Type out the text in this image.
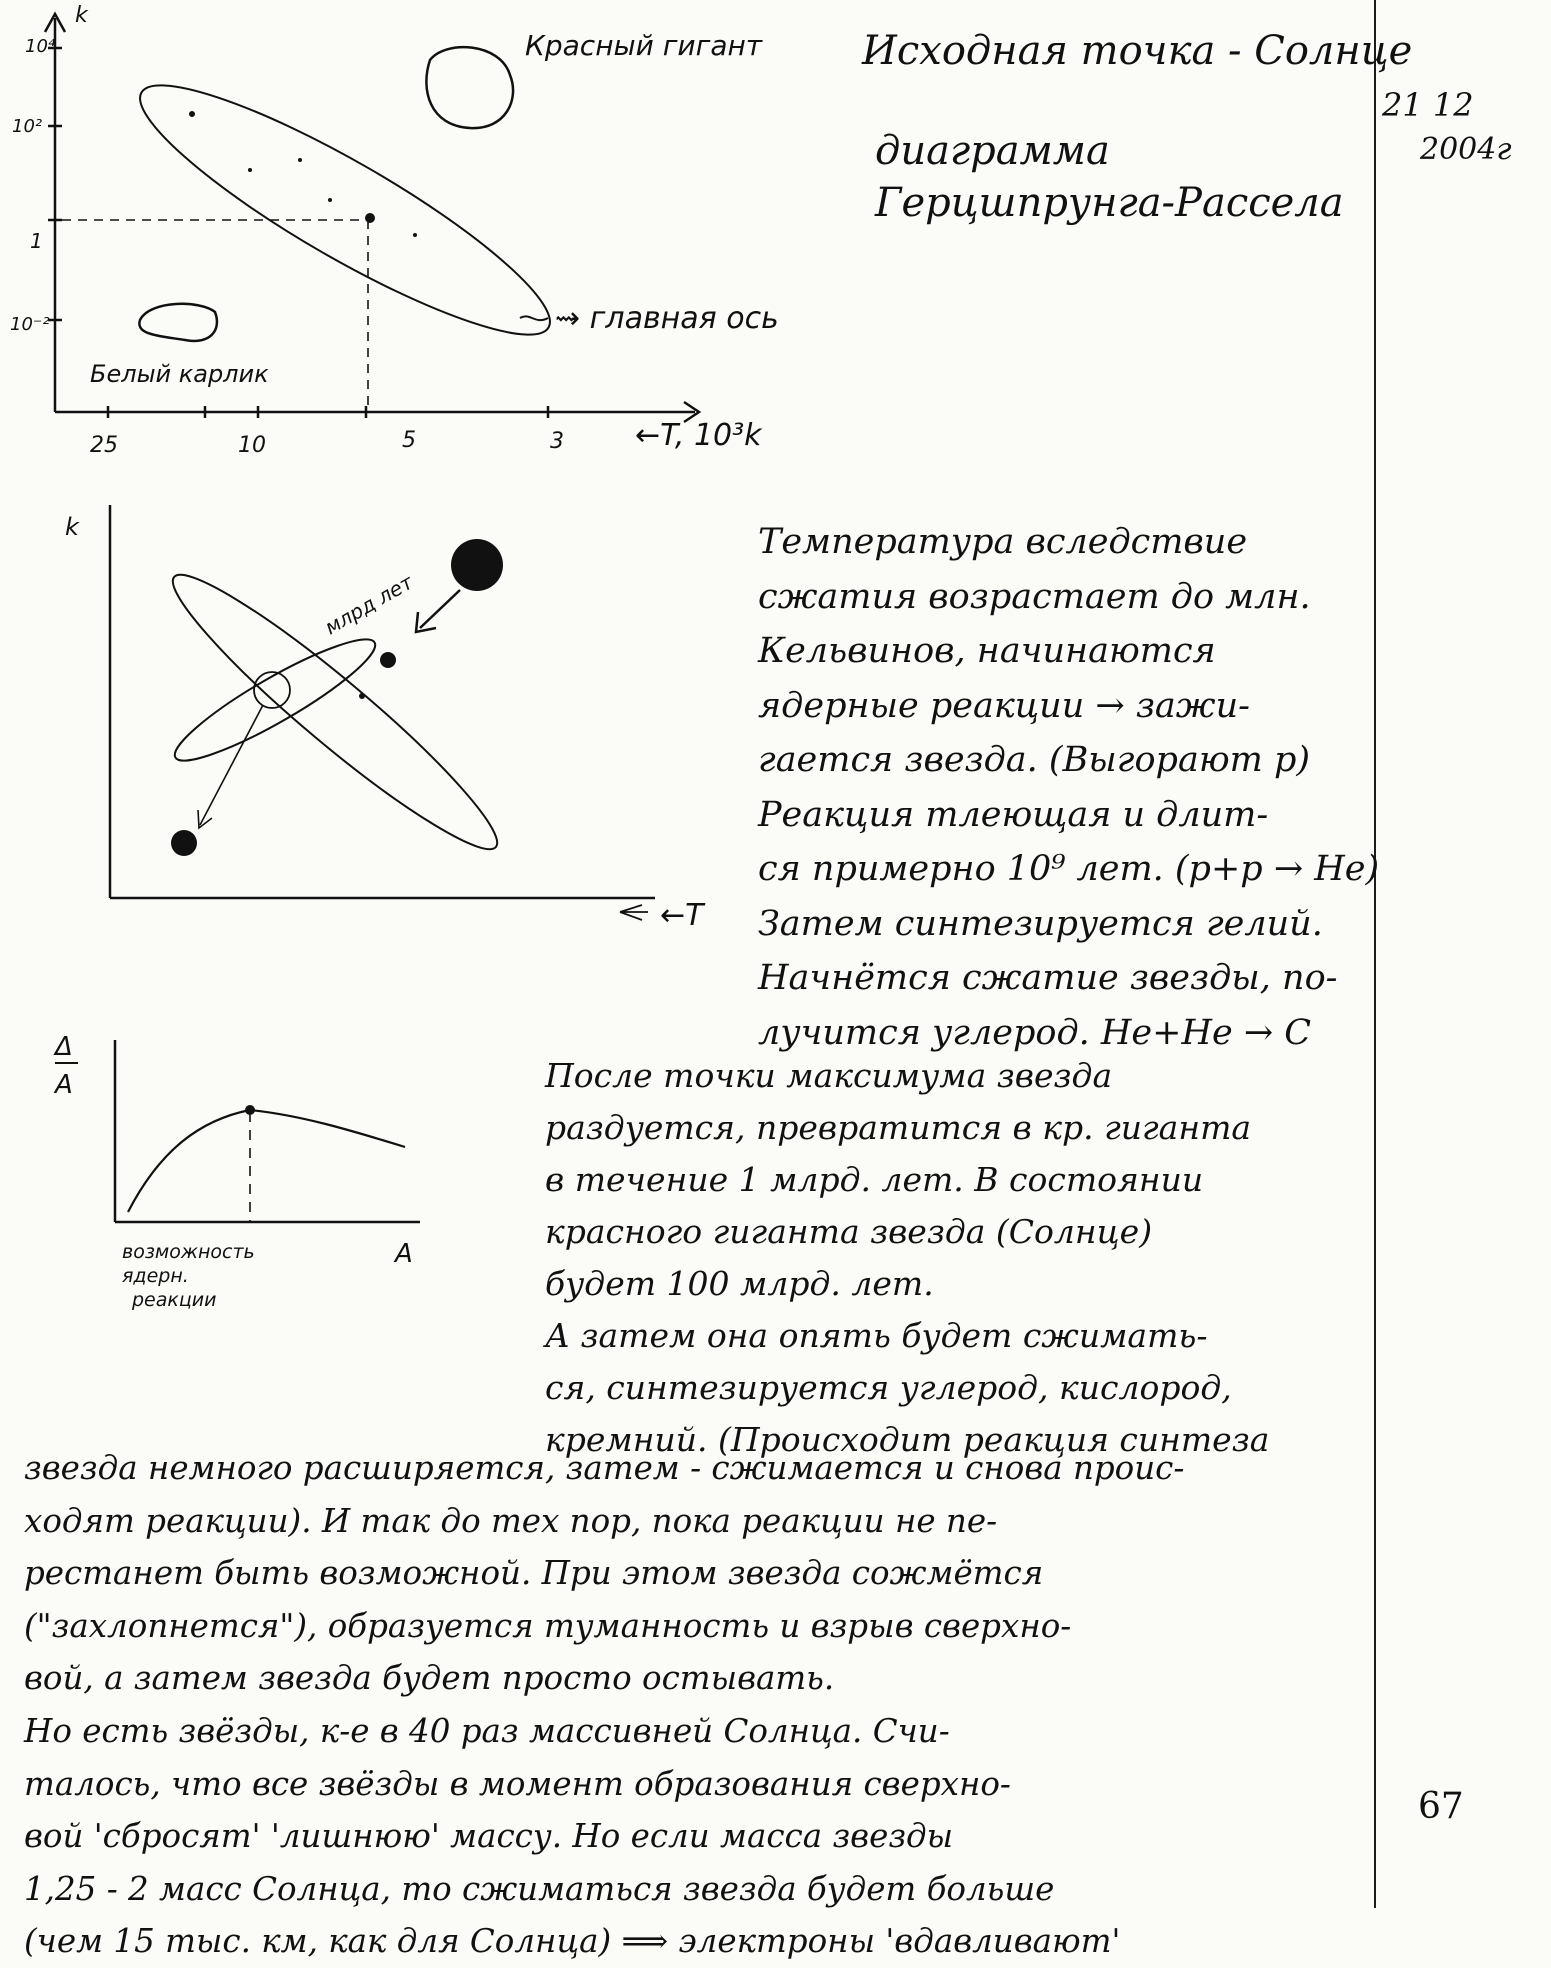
Исходная точка - Солнце
21 12
2004г
диаграмма
Герцшпрунга-Рассела
10⁴
k
10²
1
10⁻²
25	10	5	3 ←T, 10³k
Красный гигант
Белый карлик
⇝ главная ось
k
←T
млрд лет
Δ
A
A
возможность
ядерн.
реакции
Температура вследствие
сжатия возрастает до млн.
Кельвинов, начинаются
ядерные реакции → зажи-
гается звезда. (Выгорают р)
Реакция тлеющая и длит-
ся примерно 10⁹ лет. (р+р → Не)
Затем синтезируется гелий.
Начнётся сжатие звезды, по-
лучится углерод. Не+Не → С
После точки максимума звезда
раздуется, превратится в кр. гиганта
в течение 1 млрд. лет. В состоянии
красного гиганта звезда (Солнце)
будет 100 млрд. лет.
А затем она опять будет сжимать-
ся, синтезируется углерод, кислород,
кремний. (Происходит реакция синтеза
звезда немного расширяется, затем - сжимается и снова проис-
ходят реакции). И так до тех пор, пока реакции не пе-
рестанет быть возможной. При этом звезда сожмётся
("захлопнется"), образуется туманность и взрыв сверхно-
вой, а затем звезда будет просто остывать.
Но есть звёзды, к-е в 40 раз массивней Солнца. Счи-
талось, что все звёзды в момент образования сверхно-
вой 'сбросят' 'лишнюю' массу. Но если масса звезды
1,25 - 2 масс Солнца, то сжиматься звезда будет больше
(чем 15 тыс. км, как для Солнца) ⟹ электроны 'вдавливают'
67
